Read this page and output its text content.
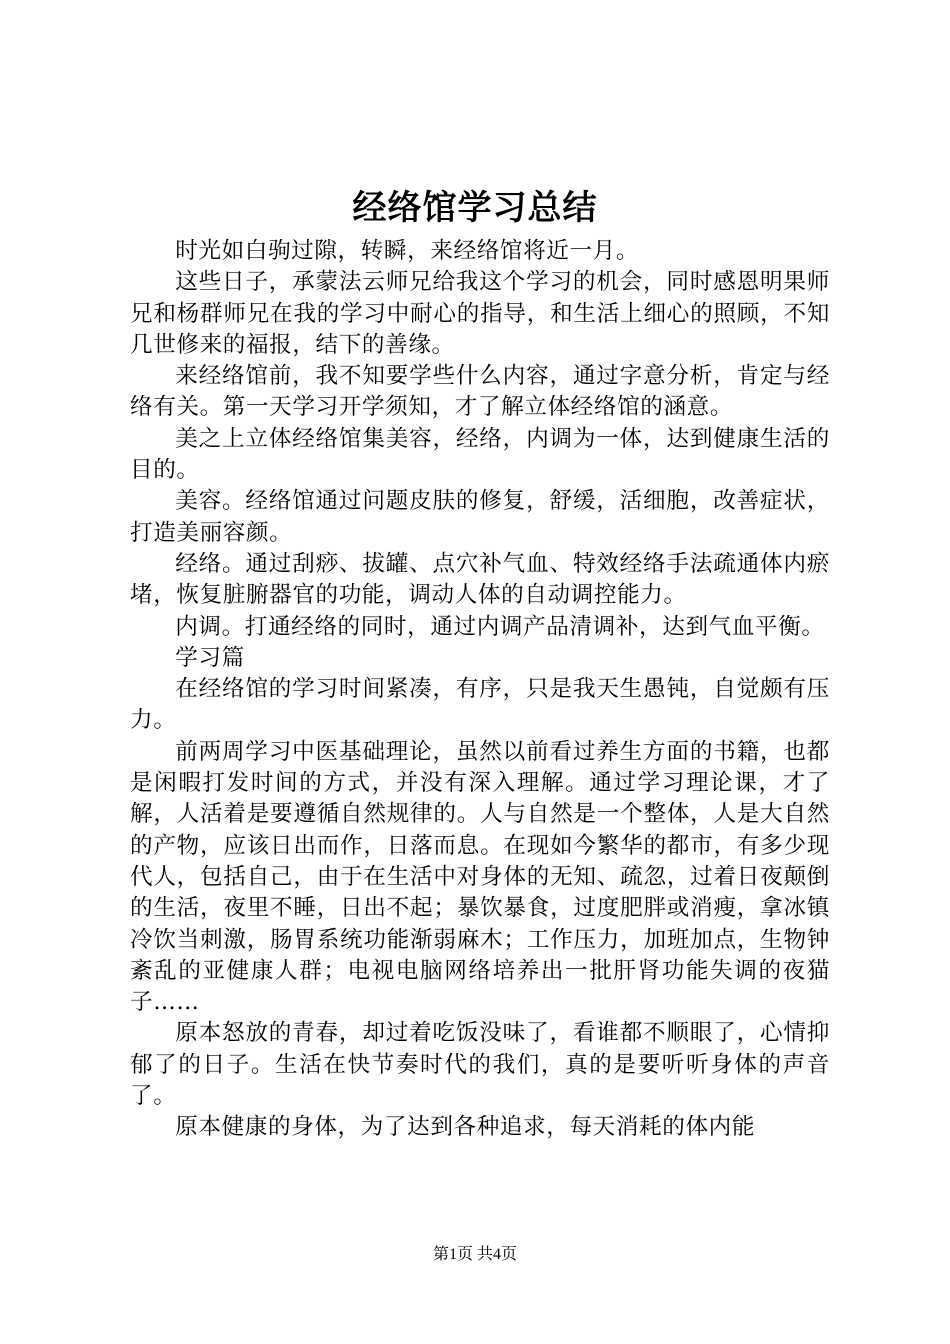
经络馆学习总结

时光如白驹过隙，转瞬，来经络馆将近一月。

这些日子，承蒙法云师兄给我这个学习的机会，同时感恩明果师兄和杨群师兄在我的学习中耐心的指导，和生活上细心的照顾，不知几世修来的福报，结下的善缘。

来经络馆前，我不知要学些什么内容，通过字意分析，肯定与经络有关。第一天学习开学须知，才了解立体经络馆的涵意。

美之上立体经络馆集美容，经络，内调为一体，达到健康生活的目的。

美容。经络馆通过问题皮肤的修复，舒缓，活细胞，改善症状，打造美丽容颜。

经络。通过刮痧、拔罐、点穴补气血、特效经络手法疏通体内瘀堵，恢复脏腑器官的功能，调动人体的自动调控能力。

内调。打通经络的同时，通过内调产品清调补，达到气血平衡。

学习篇

在经络馆的学习时间紧凑，有序，只是我天生愚钝，自觉颇有压力。

前两周学习中医基础理论，虽然以前看过养生方面的书籍，也都是闲暇打发时间的方式，并没有深入理解。通过学习理论课，才了解，人活着是要遵循自然规律的。人与自然是一个整体，人是大自然的产物，应该日出而作，日落而息。在现如今繁华的都市，有多少现代人，包括自己，由于在生活中对身体的无知、疏忽，过着日夜颠倒的生活，夜里不睡，日出不起；暴饮暴食，过度肥胖或消瘦，拿冰镇冷饮当刺激，肠胃系统功能渐弱麻木；工作压力，加班加点，生物钟紊乱的亚健康人群；电视电脑网络培养出一批肝肾功能失调的夜猫子……

原本怒放的青春，却过着吃饭没味了，看谁都不顺眼了，心情抑郁了的日子。生活在快节奏时代的我们，真的是要听听身体的声音了。

原本健康的身体，为了达到各种追求，每天消耗的体内能

第1页 共4页
